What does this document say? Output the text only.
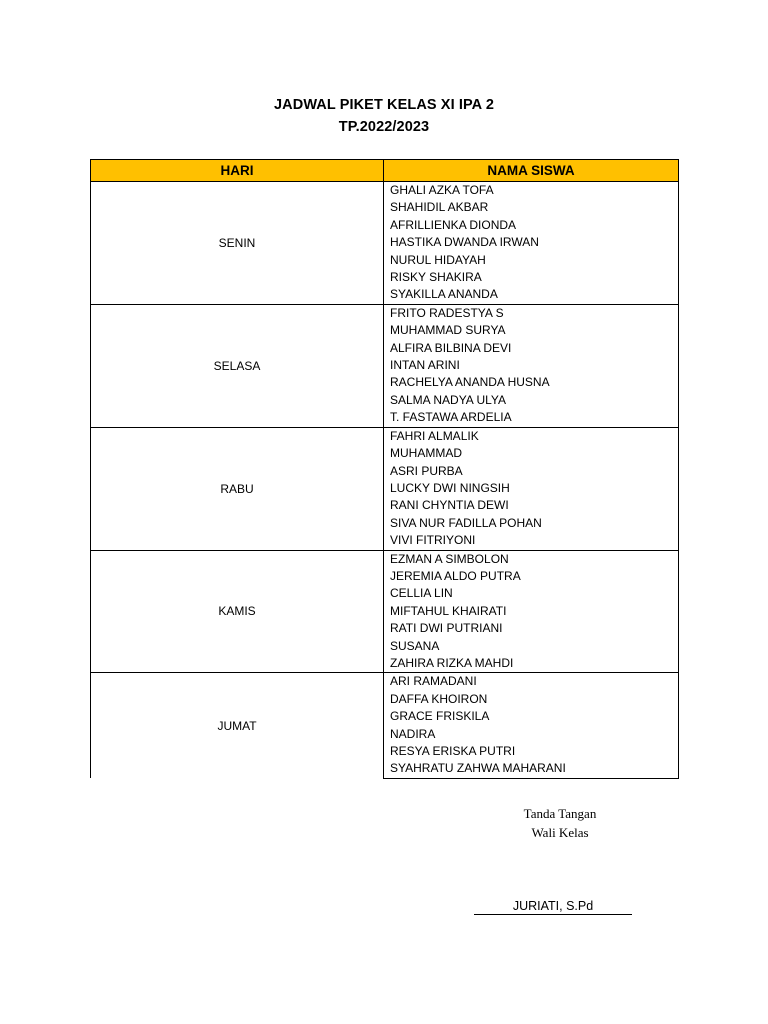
JADWAL PIKET KELAS XI IPA 2
TP.2022/2023
HARI	NAMA SISWA
SENIN	GHALI AZKA TOFA
	SHAHIDIL AKBAR
	AFRILLIENKA DIONDA
	HASTIKA DWANDA IRWAN
	NURUL HIDAYAH
	RISKY SHAKIRA
	SYAKILLA ANANDA
SELASA	FRITO RADESTYA S
	MUHAMMAD SURYA
	ALFIRA BILBINA DEVI
	INTAN ARINI
	RACHELYA ANANDA HUSNA
	SALMA NADYA ULYA
	T. FASTAWA ARDELIA
RABU	FAHRI ALMALIK
	MUHAMMAD
	ASRI PURBA
	LUCKY DWI NINGSIH
	RANI CHYNTIA DEWI
	SIVA NUR FADILLA POHAN
	VIVI FITRIYONI
KAMIS	EZMAN A SIMBOLON
	JEREMIA ALDO PUTRA
	CELLIA LIN
	MIFTAHUL KHAIRATI
	RATI DWI PUTRIANI
	SUSANA
	ZAHIRA RIZKA MAHDI
JUMAT	ARI RAMADANI
	DAFFA KHOIRON
	GRACE FRISKILA
	NADIRA
	RESYA ERISKA PUTRI
	SYAHRATU ZAHWA MAHARANI
Tanda Tangan
Wali Kelas
JURIATI, S.Pd
